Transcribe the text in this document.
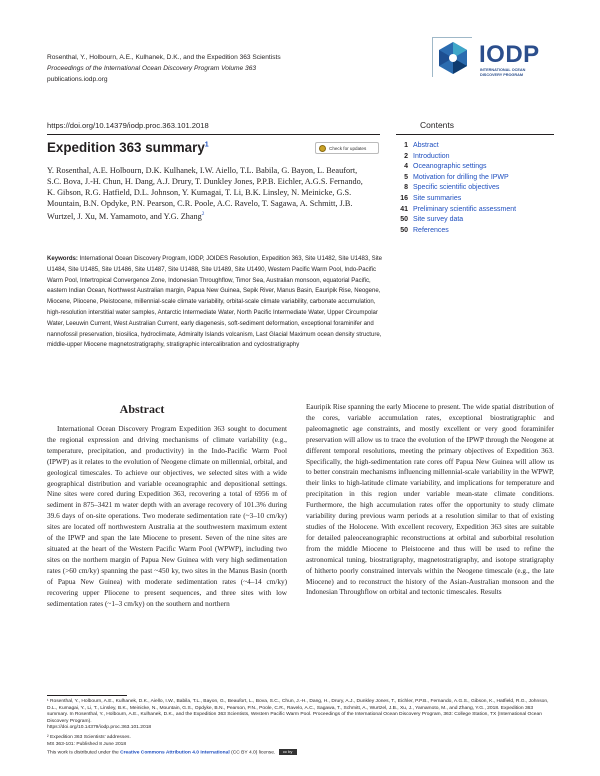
Rosenthal, Y., Holbourn, A.E., Kulhanek, D.K., and the Expedition 363 Scientists
Proceedings of the International Ocean Discovery Program Volume 363
publications.iodp.org
IODP
INTERNATIONAL OCEAN
DISCOVERY PROGRAM
https://doi.org/10.14379/iodp.proc.363.101.2018	Contents
1 Abstract
2 Introduction
4 Oceanographic settings
5 Motivation for drilling the IPWP
8 Specific scientific objectives
16 Site summaries
41 Preliminary scientific assessment
50 Site survey data
50 References
Expedition 363 summary$^1$	Check for updates
Y. Rosenthal, A.E. Holbourn, D.K. Kulhanek, I.W. Aiello, T.L. Babila, G. Bayon, L. Beaufort, S.C. Bova, J.-H. Chun, H. Dang, A.J. Drury, T. Dunkley Jones, P.P.B. Eichler, A.G.S. Fernando, K. Gibson, R.G. Hatfield, D.L. Johnson, Y. Kumagai, T. Li, B.K. Linsley, N. Meinicke, G.S. Mountain, B.N. Opdyke, P.N. Pearson, C.R. Poole, A.C. Ravelo, T. Sagawa, A. Schmitt, J.B. Wurtzel, J. Xu, M. Yamamoto, and Y.G. Zhang$^2$
Keywords: International Ocean Discovery Program, IODP, JOIDES Resolution, Expedition 363, Site U1482, Site U1483, Site U1484, Site U1485, Site U1486, Site U1487, Site U1488, Site U1489, Site U1490, Western Pacific Warm Pool, Indo-Pacific Warm Pool, Intertropical Convergence Zone, Indonesian Throughflow, Timor Sea, Australian monsoon, equatorial Pacific, eastern Indian Ocean, Northwest Australian margin, Papua New Guinea, Sepik River, Manus Basin, Eauripik Rise, Neogene, Miocene, Pliocene, Pleistocene, millennial-scale climate variability, orbital-scale climate variability, carbonate accumulation, high-resolution interstitial water samples, Antarctic Intermediate Water, North Pacific Intermediate Water, Upper Circumpolar Water, Leeuwin Current, West Australian Current, early diagenesis, soft-sediment deformation, exceptional foraminifer and nannofossil preservation, biosilica, hydroclimate, Admiralty Islands volcanism, Last Glacial Maximum ocean density structure, middle-upper Miocene magnetostratigraphy, stratigraphic intercalibration and cyclostratigraphy
Abstract
International Ocean Discovery Program Expedition 363 sought to document the regional expression and driving mechanisms of climate variability (e.g., temperature, precipitation, and productivity) in the Indo-Pacific Warm Pool (IPWP) as it relates to the evolution of Neogene climate on millennial, orbital, and geological timescales. To achieve our objectives, we selected sites with a wide geographical distribution and variable oceanographic and depositional settings. Nine sites were cored during Expedition 363, recovering a total of 6956 m of sediment in 875–3421 m water depth with an average recovery of 101.3% during 39.6 days of on-site operations. Two moderate sedimentation rate (~3–10 cm/ky) sites are located off northwestern Australia at the southwestern maximum extent of the IPWP and span the late Miocene to present. Seven of the nine sites are situated at the heart of the Western Pacific Warm Pool (WPWP), including two sites on the northern margin of Papua New Guinea with very high sedimentation rates (>60 cm/ky) spanning the past ~450 ky, two sites in the Manus Basin (north of Papua New Guinea) with moderate sedimentation rates (~4–14 cm/ky) recovering upper Pliocene to present sequences, and three sites with low sedimentation rates (~1–3 cm/ky) on the southern and northern
Eauripik Rise spanning the early Miocene to present. The wide spatial distribution of the cores, variable accumulation rates, exceptional biostratigraphic and paleomagnetic age constraints, and mostly excellent or very good foraminifer preservation will allow us to trace the evolution of the IPWP through the Neogene at different temporal resolutions, meeting the primary objectives of Expedition 363. Specifically, the high-sedimentation rate cores off Papua New Guinea will allow us to better constrain mechanisms influencing millennial-scale variability in the WPWP, their links to high-latitude climate variability, and implications for temperature and precipitation in this region under variable mean-state climate conditions. Furthermore, the high accumulation rates offer the opportunity to study climate variability during previous warm periods at a resolution similar to that of existing studies of the Holocene. With excellent recovery, Expedition 363 sites are suitable for detailed paleoceanographic reconstructions at orbital and suborbital resolution from the middle Miocene to Pleistocene and thus will be used to refine the astronomical tuning, biostratigraphy, magnetostratigraphy, and isotope stratigraphy of hitherto poorly constrained intervals within the Neogene timescale (e.g., the late Miocene) and to reconstruct the history of the Asian-Australian monsoon and the Indonesian Throughflow on orbital and tectonic timescales. Results
¹ Rosenthal, Y., Holbourn, A.E., Kulhanek, D.K., Aiello, I.W., Babila, T.L., Bayon, G., Beaufort, L., Bova, S.C., Chun, J.-H., Dang, H., Drury, A.J., Dunkley Jones, T., Eichler, P.P.B., Fernando, A.G.S., Gibson, K., Hatfield, R.G., Johnson, D.L., Kumagai, Y., Li, T., Linsley, B.K., Meinicke, N., Mountain, G.S., Opdyke, B.N., Pearson, P.N., Poole, C.R., Ravelo, A.C., Sagawa, T., Schmitt, A., Wurtzel, J.B., Xu, J., Yamamoto, M., and Zhang, Y.G., 2018. Expedition 363 summary. In Rosenthal, Y., Holbourn, A.E., Kulhanek, D.K., and the Expedition 363 Scientists, Western Pacific Warm Pool. Proceedings of the International Ocean Discovery Program, 363: College Station, TX (International Ocean Discovery Program).
https://doi.org/10.14379/iodp.proc.363.101.2018
² Expedition 363 Scientists' addresses.
MS 363-101: Published 8 June 2018
This work is distributed under the Creative Commons Attribution 4.0 International (CC BY 4.0) license. cc by
